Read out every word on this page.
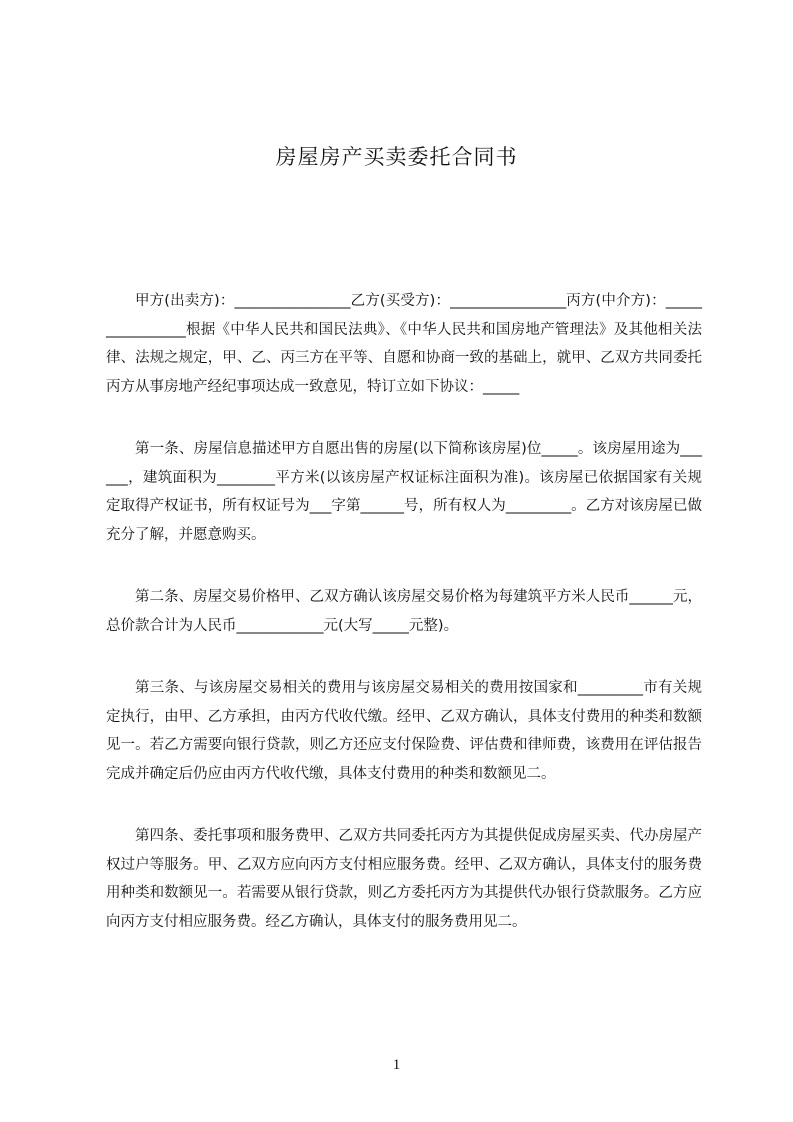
房屋房产买卖委托合同书

甲方(出卖方)：________________乙方(买受方)：________________丙方(中介方)：________________根据《中华人民共和国民法典》、《中华人民共和国房地产管理法》及其他相关法律、法规之规定，甲、乙、丙三方在平等、自愿和协商一致的基础上，就甲、乙双方共同委托丙方从事房地产经纪事项达成一致意见，特订立如下协议：_____

第一条、房屋信息描述甲方自愿出售的房屋(以下简称该房屋)位_____。该房屋用途为______，建筑面积为________平方米(以该房屋产权证标注面积为准)。该房屋已依据国家有关规定取得产权证书，所有权证号为___字第______号，所有权人为_________。乙方对该房屋已做充分了解，并愿意购买。

第二条、房屋交易价格甲、乙双方确认该房屋交易价格为每建筑平方米人民币______元，总价款合计为人民币____________元(大写_____元整)。

第三条、与该房屋交易相关的费用与该房屋交易相关的费用按国家和_________市有关规定执行，由甲、乙方承担，由丙方代收代缴。经甲、乙双方确认，具体支付费用的种类和数额见一。若乙方需要向银行贷款，则乙方还应支付保险费、评估费和律师费，该费用在评估报告完成并确定后仍应由丙方代收代缴，具体支付费用的种类和数额见二。

第四条、委托事项和服务费甲、乙双方共同委托丙方为其提供促成房屋买卖、代办房屋产权过户等服务。甲、乙双方应向丙方支付相应服务费。经甲、乙双方确认，具体支付的服务费用种类和数额见一。若需要从银行贷款，则乙方委托丙方为其提供代办银行贷款服务。乙方应向丙方支付相应服务费。经乙方确认，具体支付的服务费用见二。

1
